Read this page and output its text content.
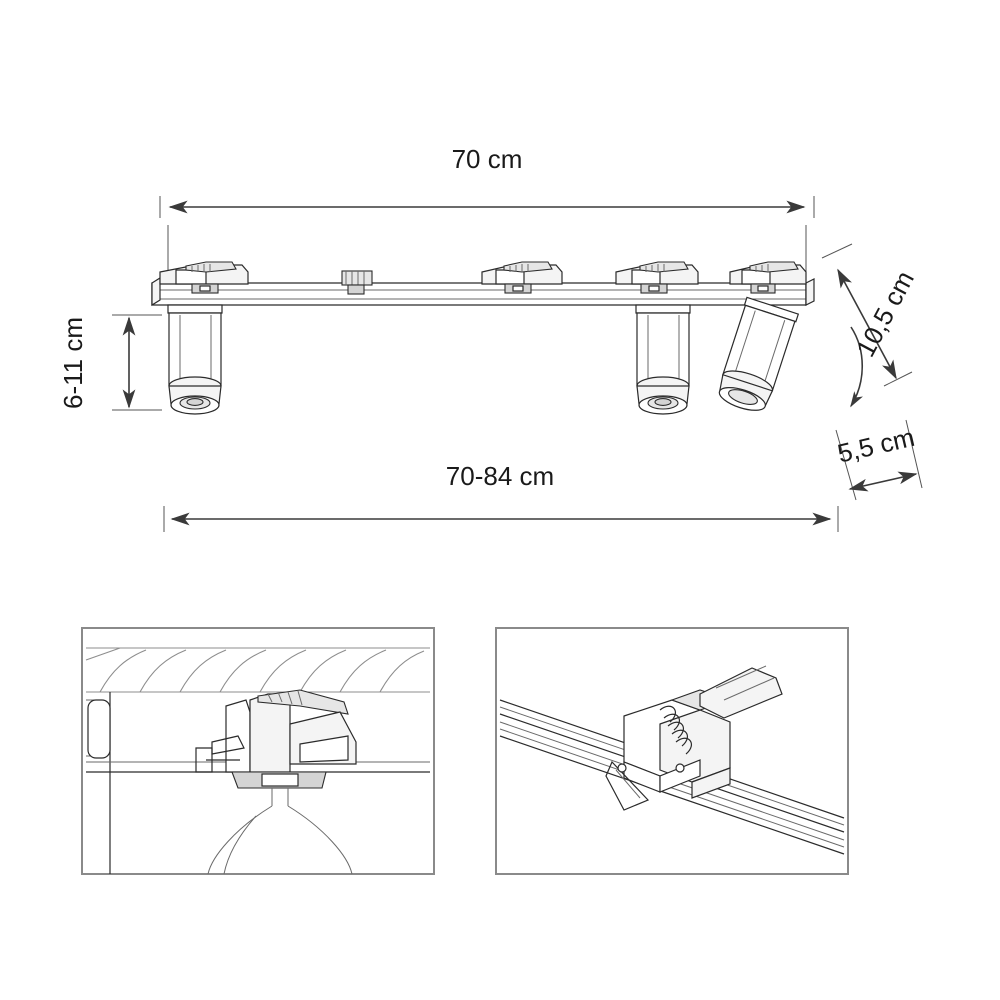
70 cm
6-11 cm
10,5 cm
5,5 cm
70-84 cm
